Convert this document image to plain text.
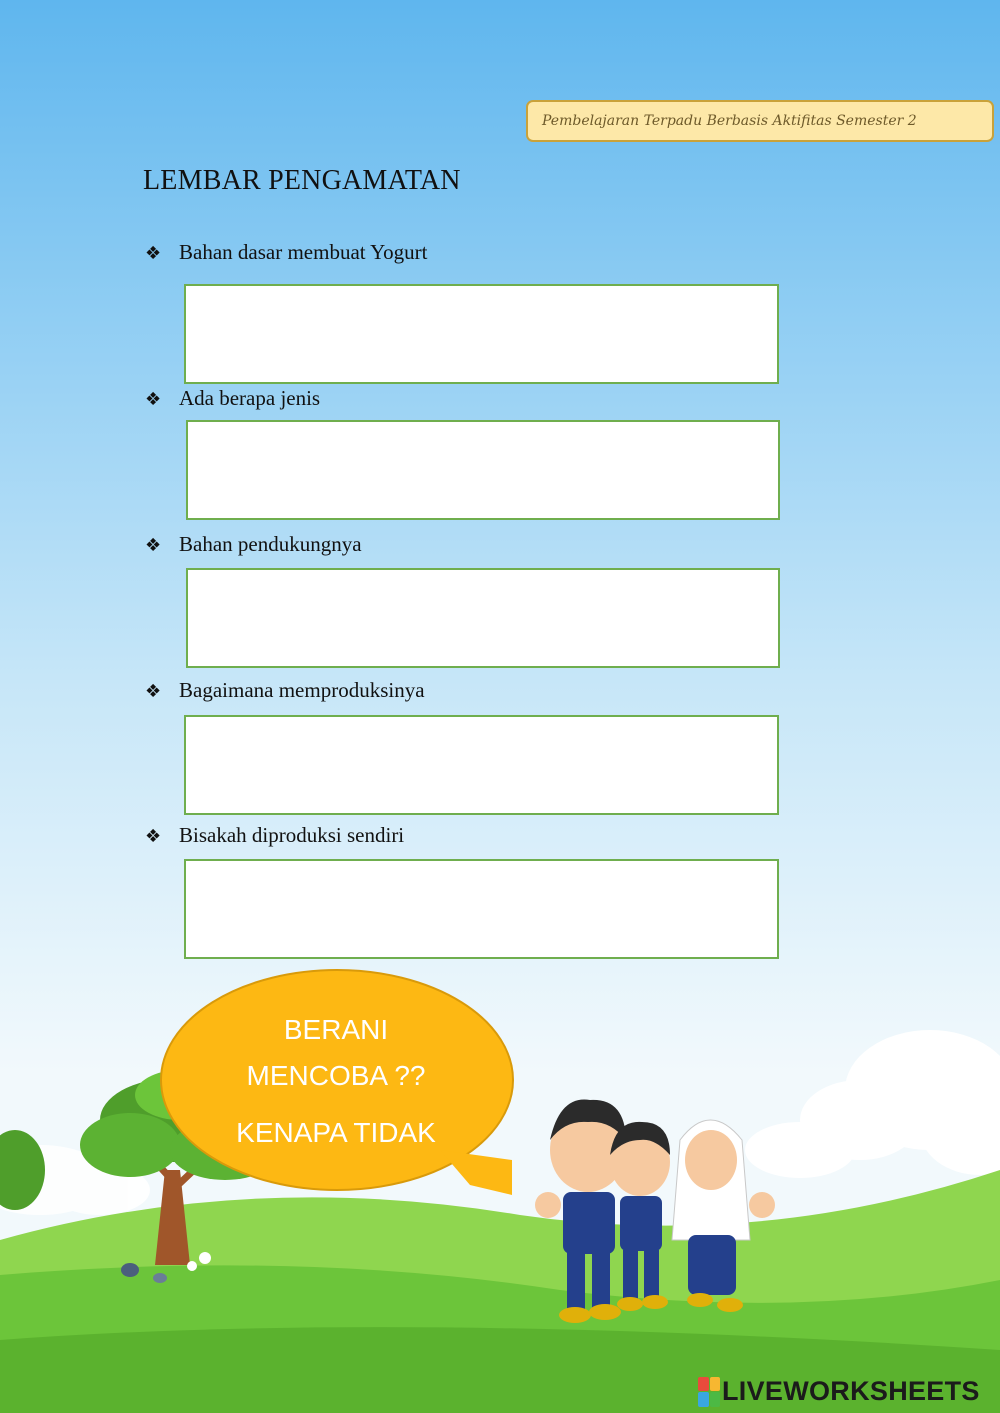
Pembelajaran Terpadu Berbasis Aktifitas Semester 2
LEMBAR PENGAMATAN
❖ Bahan dasar membuat Yogurt
❖ Ada berapa jenis
❖ Bahan pendukungnya
❖ Bagaimana memproduksinya
❖ Bisakah diproduksi sendiri
BERANI
MENCOBA ??
KENAPA TIDAK
LIVEWORKSHEETS
